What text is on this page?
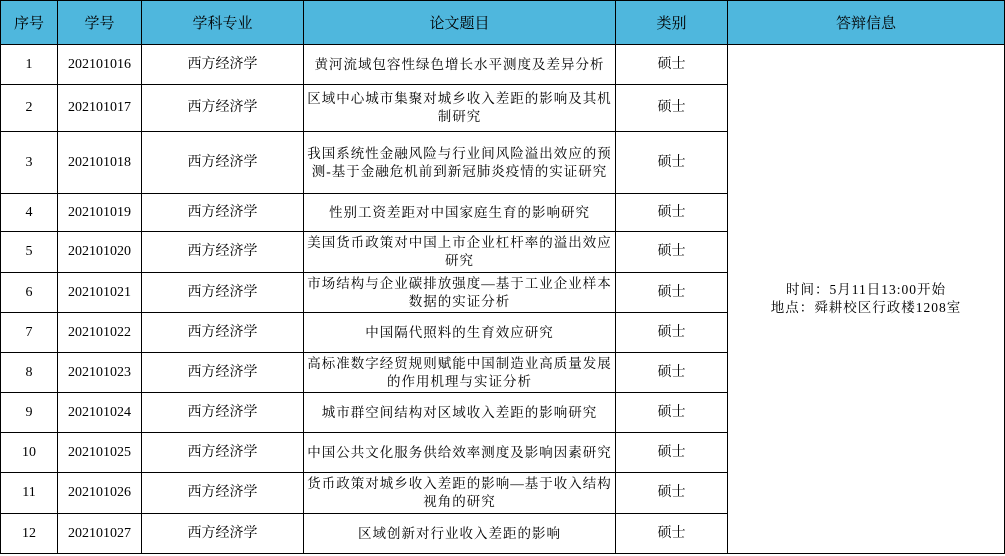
序号	学号	学科专业	论文题目	类别	答辩信息
1	202101016	西方经济学	黄河流域包容性绿色增长水平测度及差异分析	硕士	时间：5月11日13:00开始
地点：舜耕校区行政楼1208室

2	202101017	西方经济学	区域中心城市集聚对城乡收入差距的影响及其机制研究	硕士	
3	202101018	西方经济学	我国系统性金融风险与行业间风险溢出效应的预测-基于金融危机前到新冠肺炎疫情的实证研究	硕士	
4	202101019	西方经济学	性别工资差距对中国家庭生育的影响研究	硕士	
5	202101020	西方经济学	美国货币政策对中国上市企业杠杆率的溢出效应研究	硕士	
6	202101021	西方经济学	市场结构与企业碳排放强度—基于工业企业样本数据的实证分析	硕士	
7	202101022	西方经济学	中国隔代照料的生育效应研究	硕士	
8	202101023	西方经济学	高标准数字经贸规则赋能中国制造业高质量发展的作用机理与实证分析	硕士	
9	202101024	西方经济学	城市群空间结构对区域收入差距的影响研究	硕士	
10	202101025	西方经济学	中国公共文化服务供给效率测度及影响因素研究	硕士	
11	202101026	西方经济学	货币政策对城乡收入差距的影响—基于收入结构视角的研究	硕士	
12	202101027	西方经济学	区域创新对行业收入差距的影响	硕士	
